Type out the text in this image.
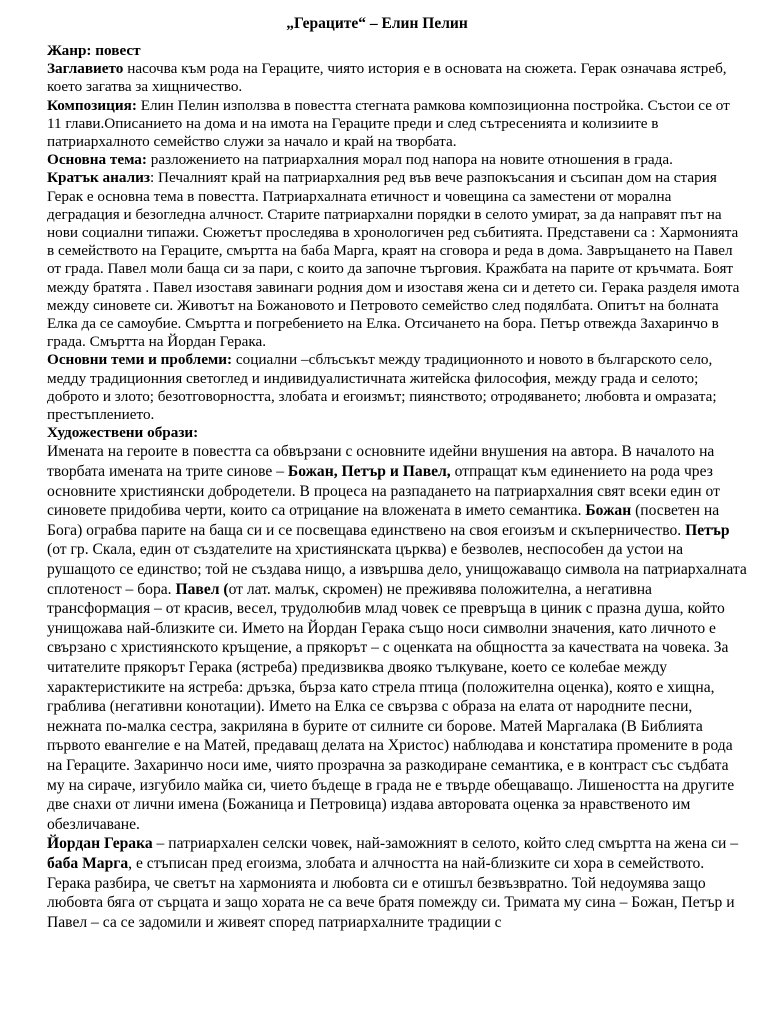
„Гераците“ – Елин Пелин

Жанр: повест

Заглавието насочва към рода на Гераците, чиято история е в основата на сюжета. Герак означава ястреб, което загатва за хищничество.

Композиция: Елин Пелин използва в повестта стегната рамкова композиционна постройка. Състои се от 11 глави.Описанието на дома и на имота на Гераците преди и след сътресенията и колизиите в патриархалното семейство служи за начало и край на творбата.

Основна тема: разложението на патриархалния морал под напора на новите отношения в града.

Кратък анализ: Печалният край на патриархалния ред във вече разпокъсания и съсипан дом на стария Герак е основна тема в повестта. Патриархалната етичност и човещина са заместени от морална деградация и безогледна алчност. Старите патриархални порядки в селото умират, за да направят път на нови социални типажи. Сюжетът проследява в хронологичен ред събитията. Представени са : Хармонията в семейството на Гераците, смъртта на баба Марга, краят на сговора и реда в дома. Завръщането на Павел от града. Павел моли баща си за пари, с които да започне търговия. Кражбата на парите от кръчмата. Боят между братята . Павел изоставя завинаги родния дом и изоставя жена си и детето си. Герака разделя имота между синовете си. Животът на Божановото и Петровото семейство след подялбата. Опитът на болната Елка да се самоубие. Смъртта и погребението на Елка. Отсичането на бора. Петър отвежда Захаринчо в града. Смъртта на Йордан Герака.

Основни теми и проблеми: социални –сблъсъкът между традиционното и новото в българското село, медду традиционния светоглед и индивидуалистичната житейска философия, между града и селото; доброто и злото; безотговорността, злобата и егоизмът; пиянството; отродяването; любовта и омразата; престъплението.

Художествени образи:

Имената на героите в повестта са обвързани с основните идейни внушения на автора. В началото на творбата имената на трите синове – Божан, Петър и Павел, отпращат към единението на рода чрез основните християнски добродетели. В процеса на разпадането на патриархалния свят всеки един от синовете придобива черти, които са отрицание на вложената в името семантика. Божан (посветен на Бога) ограбва парите на баща си и се посвещава единствено на своя егоизъм и скъперничество. Петър (от гр. Скала, един от създателите на християнската църква) е безволев, неспособен да устои на рушащото се единство; той не създава нищо, а извършва дело, унищожаващо символа на патриархалната сплотеност – бора. Павел (от лат. малък, скромен) не преживява положителна, а негативна трансформация – от красив, весел, трудолюбив млад човек се превръща в циник с празна душа, който унищожава най-близките си. Името на Йордан Герака също носи символни значения, като личното е свързано с християнското кръщение, а прякорът – с оценката на общността за качествата на човека. За читателите прякорът Герака (ястреба) предизвиква двояко тълкуване, което се колебае между характеристиките на ястреба: дръзка, бърза като стрела птица (положителна оценка), която е хищна, граблива (негативни конотации). Името на Елка се свързва с образа на елата от народните песни, нежната по-малка сестра, закриляна в бурите от силните си борове. Матей Маргалака (В Библията първото евангелие е на Матей, предаващ делата на Христос) наблюдава и констатира промените в рода на Гераците. Захаринчо носи име, чиято прозрачна за разкодиране семантика, е в контраст със съдбата му на сираче, изгубило майка си, чието бъдеще в града не е твърде обещаващо. Лишеността на другите две снахи от лични имена (Божаница и Петровица) издава авторовата оценка за нравственото им обезличаване.

Йордан Герака – патриархален селски човек, най-заможният в селото, който след смъртта на жена си – баба Марга, е стъписан пред егоизма, злобата и алчността на най-близките си хора в семейството. Герака разбира, че светът на хармонията и любовта си е отишъл безвъзвратно. Той недоумява защо любовта бяга от сърцата и защо хората не са вече братя помежду си. Тримата му сина – Божан, Петър и Павел – са се задомили и живеят според патриархалните традиции с
